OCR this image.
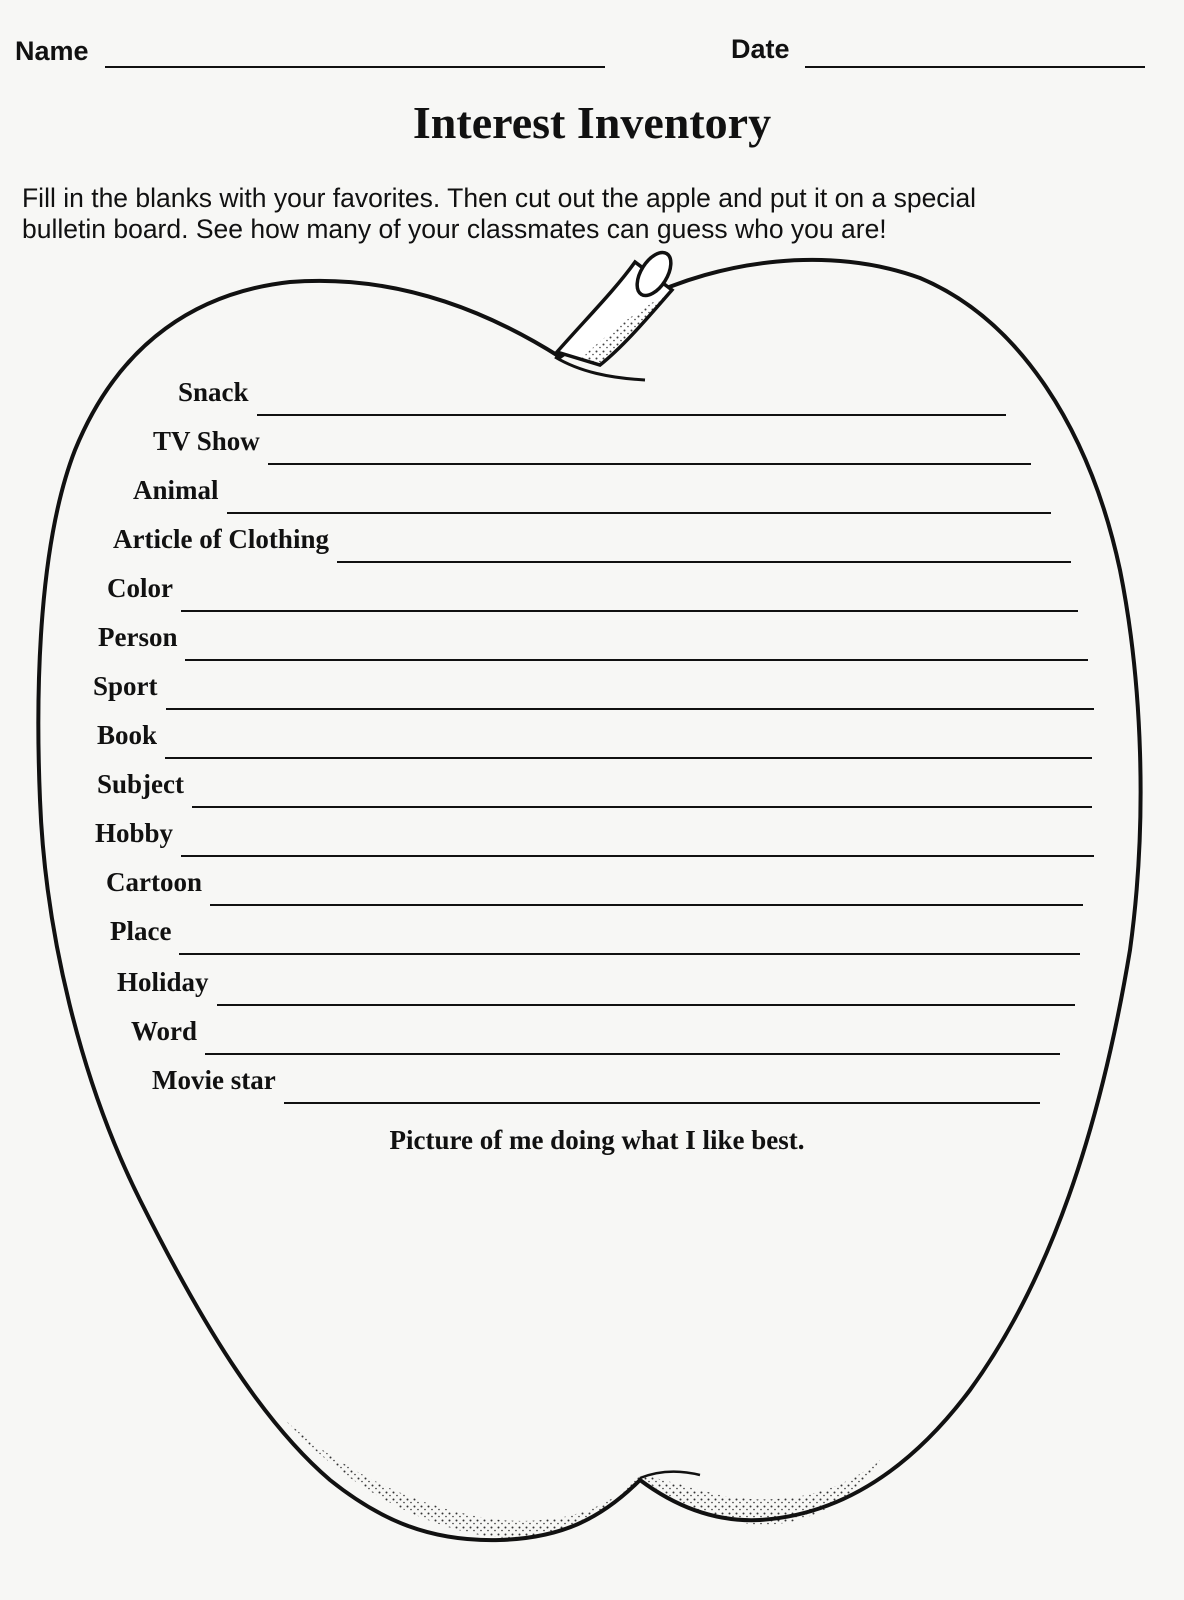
Name	Date
Interest Inventory
Fill in the blanks with your favorites. Then cut out the apple and put it on a special
bulletin board. See how many of your classmates can guess who you are!
Snack
TV Show
Animal
Article of Clothing
Color
Person
Sport
Book
Subject
Hobby
Cartoon
Place
Holiday
Word
Movie star
Picture of me doing what I like best.
